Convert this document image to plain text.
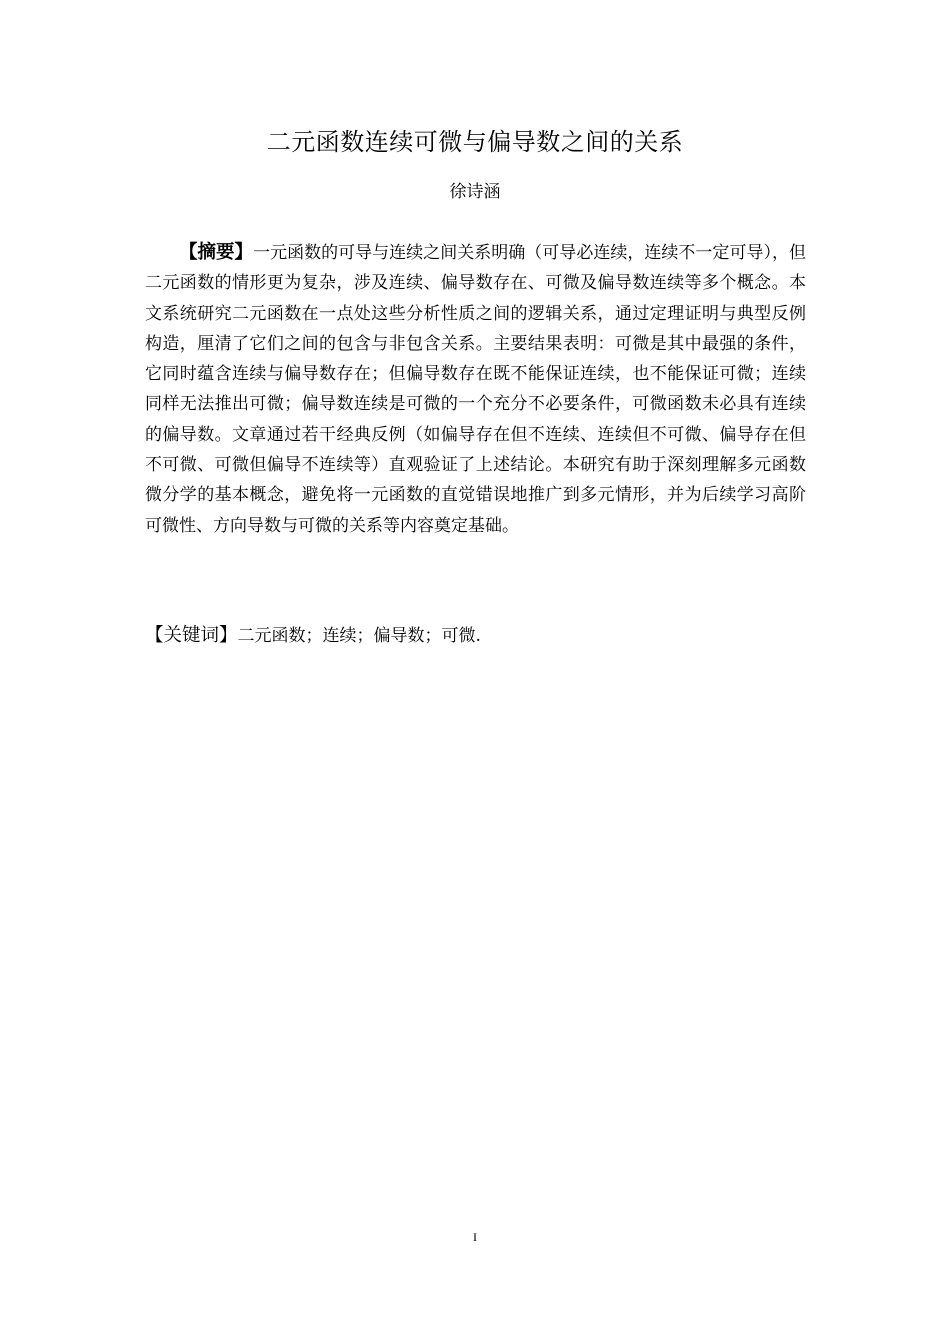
二元函数连续可微与偏导数之间的关系
徐诗涵

【摘要】一元函数的可导与连续之间关系明确（可导必连续，连续不一定可导），但二元函数的情形更为复杂，涉及连续、偏导数存在、可微及偏导数连续等多个概念。本文系统研究二元函数在一点处这些分析性质之间的逻辑关系，通过定理证明与典型反例构造，厘清了它们之间的包含与非包含关系。主要结果表明：可微是其中最强的条件，它同时蕴含连续与偏导数存在；但偏导数存在既不能保证连续，也不能保证可微；连续同样无法推出可微；偏导数连续是可微的一个充分不必要条件，可微函数未必具有连续的偏导数。文章通过若干经典反例（如偏导存在但不连续、连续但不可微、偏导存在但不可微、可微但偏导不连续等）直观验证了上述结论。本研究有助于深刻理解多元函数微分学的基本概念，避免将一元函数的直觉错误地推广到多元情形，并为后续学习高阶可微性、方向导数与可微的关系等内容奠定基础。

【关键词】二元函数；连续；偏导数；可微.

I
